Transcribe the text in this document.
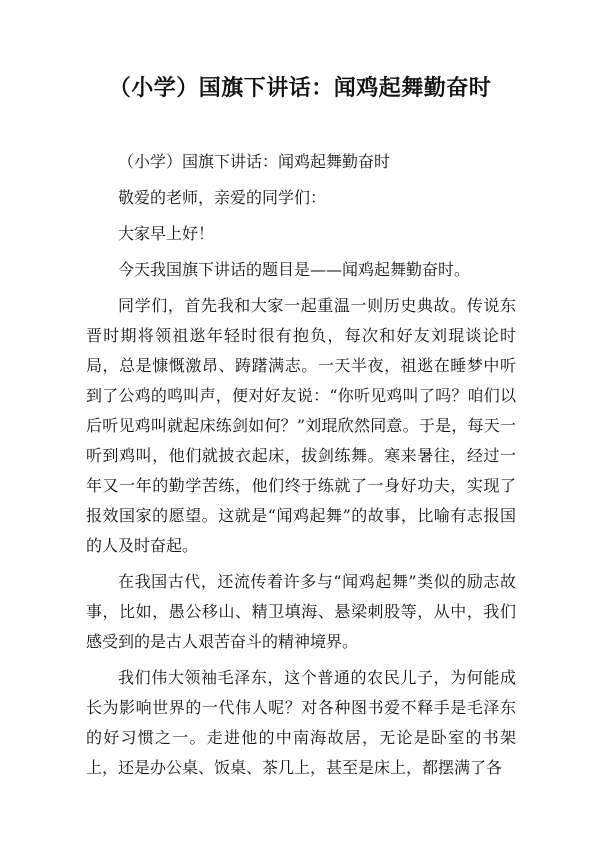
（小学）国旗下讲话：闻鸡起舞勤奋时

（小学）国旗下讲话：闻鸡起舞勤奋时

敬爱的老师，亲爱的同学们：

大家早上好！

今天我国旗下讲话的题目是——闻鸡起舞勤奋时。

同学们，首先我和大家一起重温一则历史典故。传说东晋时期将领祖逖年轻时很有抱负，每次和好友刘琨谈论时局，总是慷慨激昂、踌躇满志。一天半夜，祖逖在睡梦中听到了公鸡的鸣叫声，便对好友说：“你听见鸡叫了吗？咱们以后听见鸡叫就起床练剑如何？”刘琨欣然同意。于是，每天一听到鸡叫，他们就披衣起床，拔剑练舞。寒来暑往，经过一年又一年的勤学苦练，他们终于练就了一身好功夫，实现了报效国家的愿望。这就是“闻鸡起舞”的故事，比喻有志报国的人及时奋起。

在我国古代，还流传着许多与“闻鸡起舞”类似的励志故事，比如，愚公移山、精卫填海、悬梁刺股等，从中，我们感受到的是古人艰苦奋斗的精神境界。

我们伟大领袖毛泽东，这个普通的农民儿子，为何能成长为影响世界的一代伟人呢？对各种图书爱不释手是毛泽东的好习惯之一。走进他的中南海故居，无论是卧室的书架上，还是办公桌、饭桌、茶几上，甚至是床上，都摆满了各
